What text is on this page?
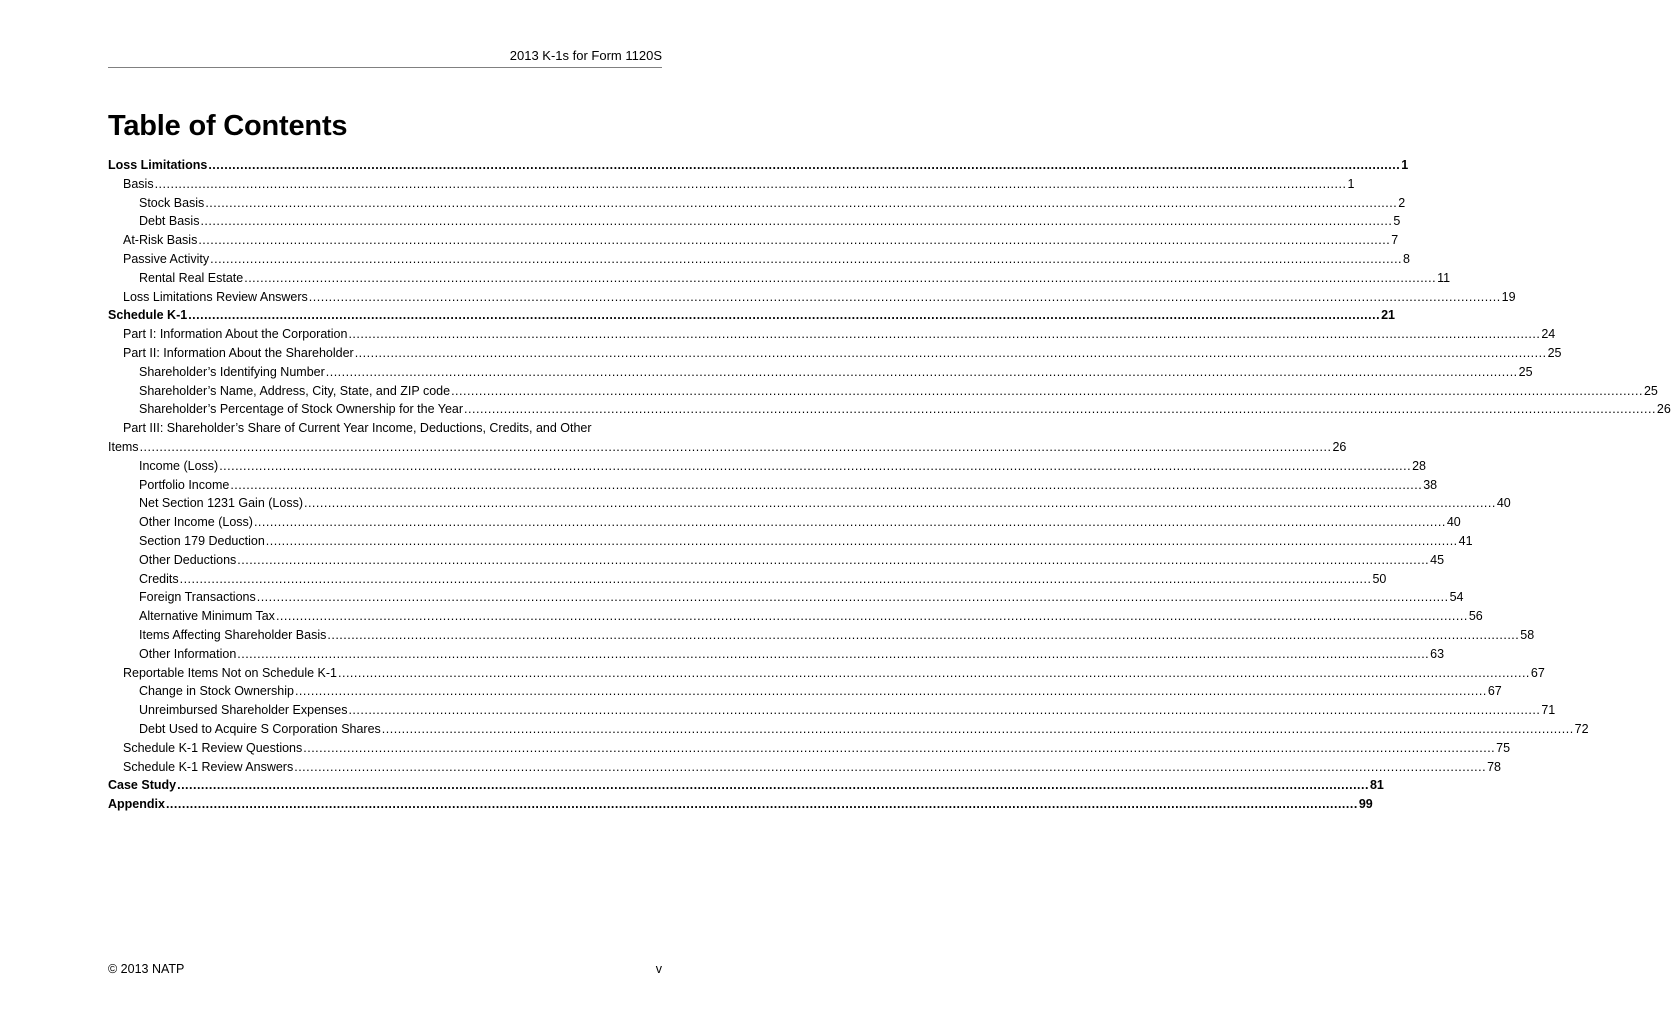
2013 K-1s for Form 1120S
Table of Contents
Loss Limitations ............................................................................................................................................................................................................................................................................................................ 1
Basis ............................................................................................................................................................................................................................................................................................................ 1
Stock Basis ............................................................................................................................................................................................................................................................................................................ 2
Debt Basis ............................................................................................................................................................................................................................................................................................................ 5
At-Risk Basis ............................................................................................................................................................................................................................................................................................................ 7
Passive Activity ............................................................................................................................................................................................................................................................................................................ 8
Rental Real Estate ............................................................................................................................................................................................................................................................................................................ 11
Loss Limitations Review Answers ............................................................................................................................................................................................................................................................................................................ 19
Schedule K-1 ............................................................................................................................................................................................................................................................................................................ 21
Part I: Information About the Corporation ............................................................................................................................................................................................................................................................................................................ 24
Part II: Information About the Shareholder ............................................................................................................................................................................................................................................................................................................ 25
Shareholder’s Identifying Number ............................................................................................................................................................................................................................................................................................................ 25
Shareholder’s Name, Address, City, State, and ZIP code ............................................................................................................................................................................................................................................................................................................ 25
Shareholder’s Percentage of Stock Ownership for the Year ............................................................................................................................................................................................................................................................................................................ 26
Part III: Shareholder’s Share of Current Year Income, Deductions, Credits, and Other
Items ............................................................................................................................................................................................................................................................................................................ 26
Income (Loss) ............................................................................................................................................................................................................................................................................................................ 28
Portfolio Income ............................................................................................................................................................................................................................................................................................................ 38
Net Section 1231 Gain (Loss) ............................................................................................................................................................................................................................................................................................................ 40
Other Income (Loss) ............................................................................................................................................................................................................................................................................................................ 40
Section 179 Deduction ............................................................................................................................................................................................................................................................................................................ 41
Other Deductions ............................................................................................................................................................................................................................................................................................................ 45
Credits ............................................................................................................................................................................................................................................................................................................ 50
Foreign Transactions ............................................................................................................................................................................................................................................................................................................ 54
Alternative Minimum Tax ............................................................................................................................................................................................................................................................................................................ 56
Items Affecting Shareholder Basis ............................................................................................................................................................................................................................................................................................................ 58
Other Information ............................................................................................................................................................................................................................................................................................................ 63
Reportable Items Not on Schedule K-1 ............................................................................................................................................................................................................................................................................................................ 67
Change in Stock Ownership ............................................................................................................................................................................................................................................................................................................ 67
Unreimbursed Shareholder Expenses ............................................................................................................................................................................................................................................................................................................ 71
Debt Used to Acquire S Corporation Shares ............................................................................................................................................................................................................................................................................................................ 72
Schedule K-1 Review Questions ............................................................................................................................................................................................................................................................................................................ 75
Schedule K-1 Review Answers ............................................................................................................................................................................................................................................................................................................ 78
Case Study ............................................................................................................................................................................................................................................................................................................ 81
Appendix ............................................................................................................................................................................................................................................................................................................ 99
© 2013 NATP	v
